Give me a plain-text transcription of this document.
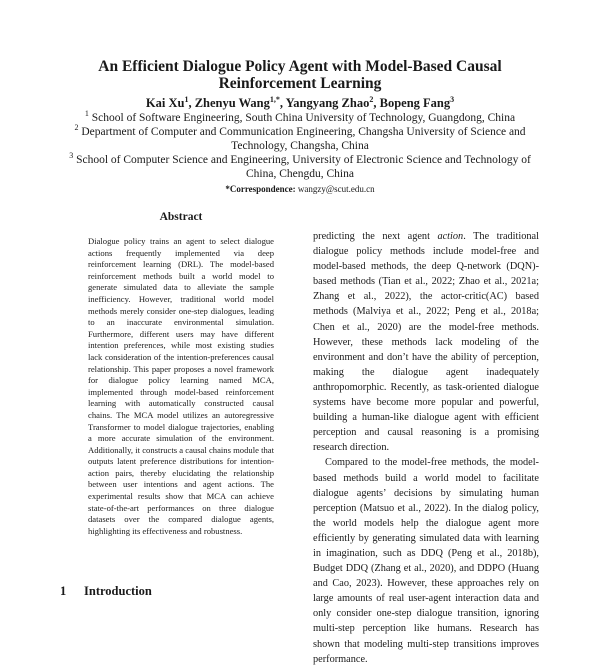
An Efficient Dialogue Policy Agent with Model-Based Causal
Reinforcement Learning
Kai Xu$^1$, Zhenyu Wang$^{1,*}$, Yangyang Zhao$^2$, Bopeng Fang$^3$
$^1$ School of Software Engineering, South China University of Technology, Guangdong, China
$^2$ Department of Computer and Communication Engineering, Changsha University of Science and Technology, Changsha, China
$^3$ School of Computer Science and Engineering, University of Electronic Science and Technology of China, Chengdu, China
*Correspondence: wangzy@scut.edu.cn
Abstract
Dialogue policy trains an agent to select dialogue actions frequently implemented via deep reinforcement learning (DRL). The model-based reinforcement methods built a world model to generate simulated data to alleviate the sample inefficiency. However, traditional world model methods merely consider one-step dialogues, leading to an inaccurate environmental simulation. Furthermore, different users may have different intention preferences, while most existing studies lack consideration of the intention-preferences causal relationship. This paper proposes a novel framework for dialogue policy learning named MCA, implemented through model-based reinforcement learning with automatically constructed causal chains. The MCA model utilizes an autoregressive Transformer to model dialogue trajectories, enabling a more accurate simulation of the environment. Additionally, it constructs a causal chains module that outputs latent preference distributions for intention-action pairs, thereby elucidating the relationship between user intentions and agent actions. The experimental results show that MCA can achieve state-of-the-art performances on three dialogue datasets over the compared dialogue agents, highlighting its effectiveness and robustness.
1 Introduction

predicting the next agent action. The traditional dialogue policy methods include model-free and model-based methods, the deep Q-network (DQN)-based methods (Tian et al., 2022; Zhao et al., 2021a; Zhang et al., 2022), the actor-critic(AC) based methods (Malviya et al., 2022; Peng et al., 2018a; Chen et al., 2020) are the model-free methods. However, these methods lack modeling of the environment and don’t have the ability of perception, making the dialogue agent inadequately anthropomorphic. Recently, as task-oriented dialogue systems have become more popular and powerful, building a human-like dialogue agent with efficient perception and causal reasoning is a promising research direction.

Compared to the model-free methods, the model-based methods build a world model to facilitate dialogue agents’ decisions by simulating human perception (Matsuo et al., 2022). In the dialog policy, the world models help the dialogue agent more efficiently by generating simulated data with learning in imagination, such as DDQ (Peng et al., 2018b), Budget DDQ (Zhang et al., 2020), and DDPO (Huang and Cao, 2023). However, these approaches rely on large amounts of real user-agent interaction data and only consider one-step dialogue transition, ignoring multi-step perception like humans. Research has shown that modeling multi-step transitions improves performance.
